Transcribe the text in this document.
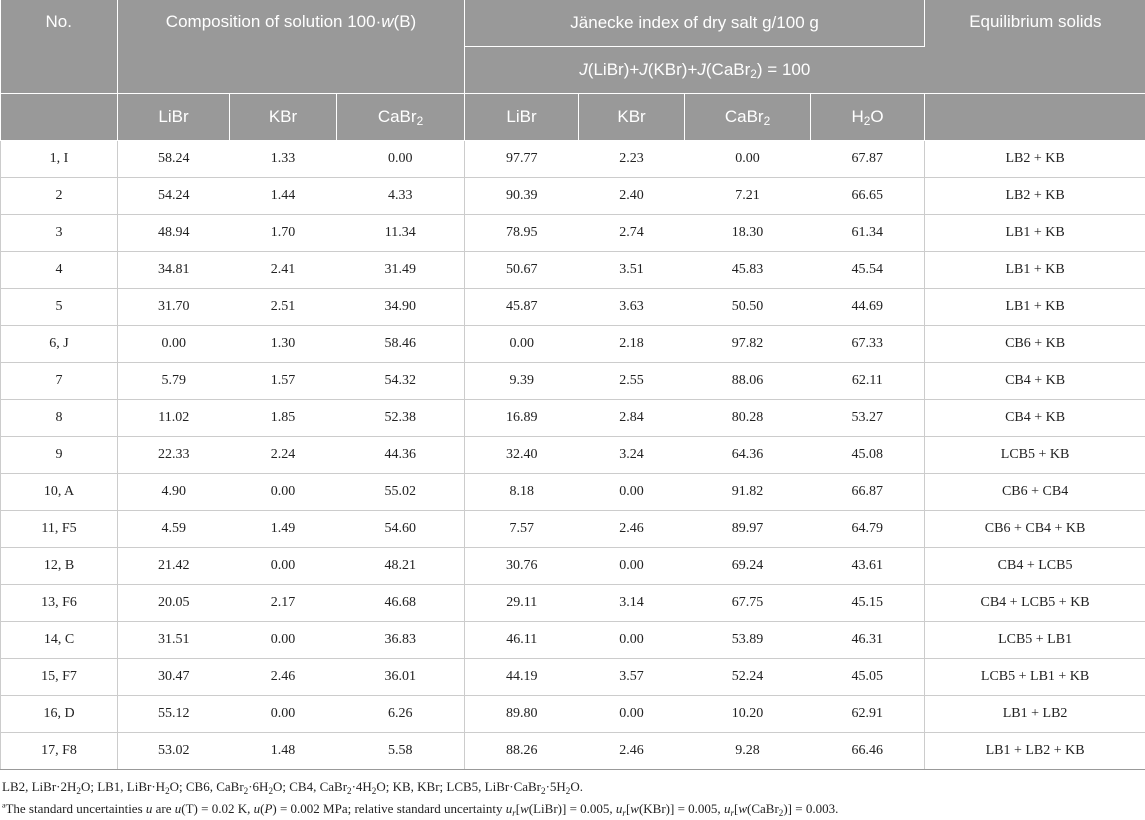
No.	Composition of solution 100·w(B)			Jänecke index of dry salt g/100 g				Equilibrium solids
				J(LiBr)+J(KBr)+J(CaBr$_2$) = 100				
	LiBr	KBr	CaBr$_2$	LiBr	KBr	CaBr$_2$	$H_2O$	
1, I	58.24	1.33	0.00	97.77	2.23	0.00	67.87	LB2 + KB
2	54.24	1.44	4.33	90.39	2.40	7.21	66.65	LB2 + KB
3	48.94	1.70	11.34	78.95	2.74	18.30	61.34	LB1 + KB
4	34.81	2.41	31.49	50.67	3.51	45.83	45.54	LB1 + KB
5	31.70	2.51	34.90	45.87	3.63	50.50	44.69	LB1 + KB
6, J	0.00	1.30	58.46	0.00	2.18	97.82	67.33	CB6 + KB
7	5.79	1.57	54.32	9.39	2.55	88.06	62.11	CB4 + KB
8	11.02	1.85	52.38	16.89	2.84	80.28	53.27	CB4 + KB
9	22.33	2.24	44.36	32.40	3.24	64.36	45.08	LCB5 + KB
10, A	4.90	0.00	55.02	8.18	0.00	91.82	66.87	CB6 + CB4
11, F5	4.59	1.49	54.60	7.57	2.46	89.97	64.79	CB6 + CB4 + KB
12, B	21.42	0.00	48.21	30.76	0.00	69.24	43.61	CB4 + LCB5
13, F6	20.05	2.17	46.68	29.11	3.14	67.75	45.15	CB4 + LCB5 + KB
14, C	31.51	0.00	36.83	46.11	0.00	53.89	46.31	LCB5 + LB1
15, F7	30.47	2.46	36.01	44.19	3.57	52.24	45.05	LCB5 + LB1 + KB
16, D	55.12	0.00	6.26	89.80	0.00	10.20	62.91	LB1 + LB2
17, F8	53.02	1.48	5.58	88.26	2.46	9.28	66.46	LB1 + LB2 + KB
LB2, $LiBr\cdot 2H_2O$; LB1, $LiBr\cdot H_2O$; CB6, $CaBr_2\cdot 6H_2O$; CB4, $CaBr_2\cdot 4H_2O$; KB, KBr; LCB5, $LiBr\cdot CaBr_2\cdot 5H_2O$.
$^a$The standard uncertainties u are u(T) = 0.02 K, u(P) = 0.002 MPa; relative standard uncertainty $u_r[w(LiBr)] = 0.005$, $u_r[w(KBr)] = 0.005$, $u_r[w(CaBr_2)] = 0.003$.
